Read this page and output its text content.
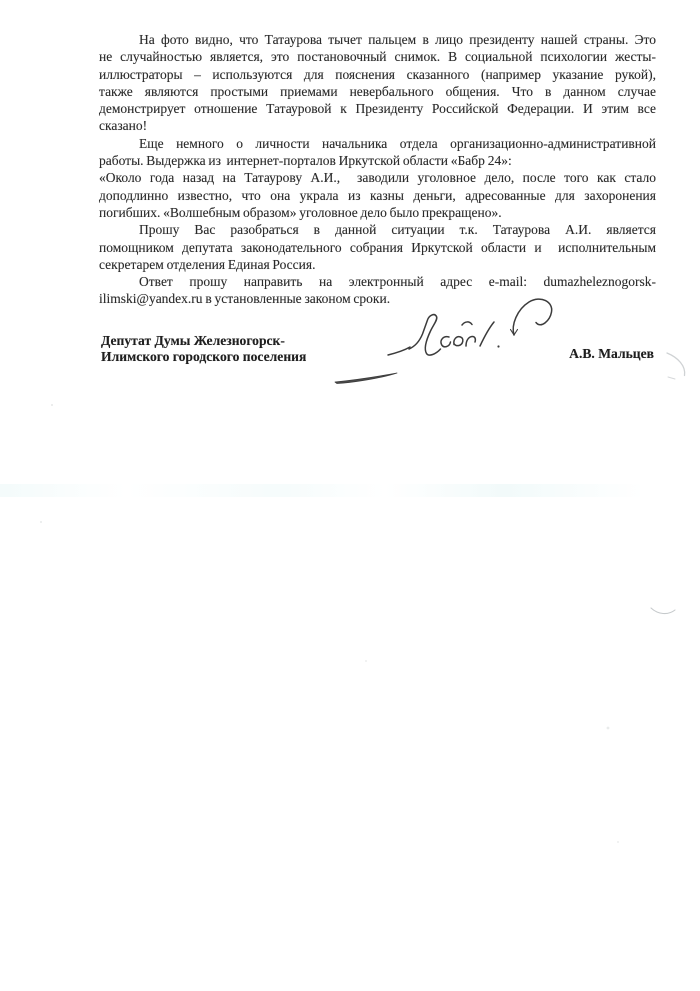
На фото видно, что Татаурова тычет пальцем в лицо президенту нашей страны. Это
не случайностью является, это постановочный снимок. В социальной психологии жесты-
иллюстраторы – используются для пояснения сказанного (например указание рукой),
также являются простыми приемами невербального общения. Что в данном случае
демонстрирует отношение Татауровой к Президенту Российской Федерации. И этим все
сказано!
Еще немного о личности начальника отдела организационно-административной
работы. Выдержка из  интернет-порталов Иркутской области «Бабр 24»:
«Около года назад на Татаурову А.И.,  заводили уголовное дело, после того как стало
доподлинно известно, что она украла из казны деньги, адресованные для захоронения
погибших. «Волшебным образом» уголовное дело было прекращено».
Прошу Вас разобраться в данной ситуации т.к. Татаурова А.И. является
помощником депутата законодательного собрания Иркутской области и  исполнительным
секретарем отделения Единая Россия.
Ответ прошу направить на электронный адрес e-mail: dumazheleznogorsk-
ilimski@yandex.ru в установленные законом сроки.
Депутат Думы Железногорск-
Илимского городского поселения	А.В. Мальцев
